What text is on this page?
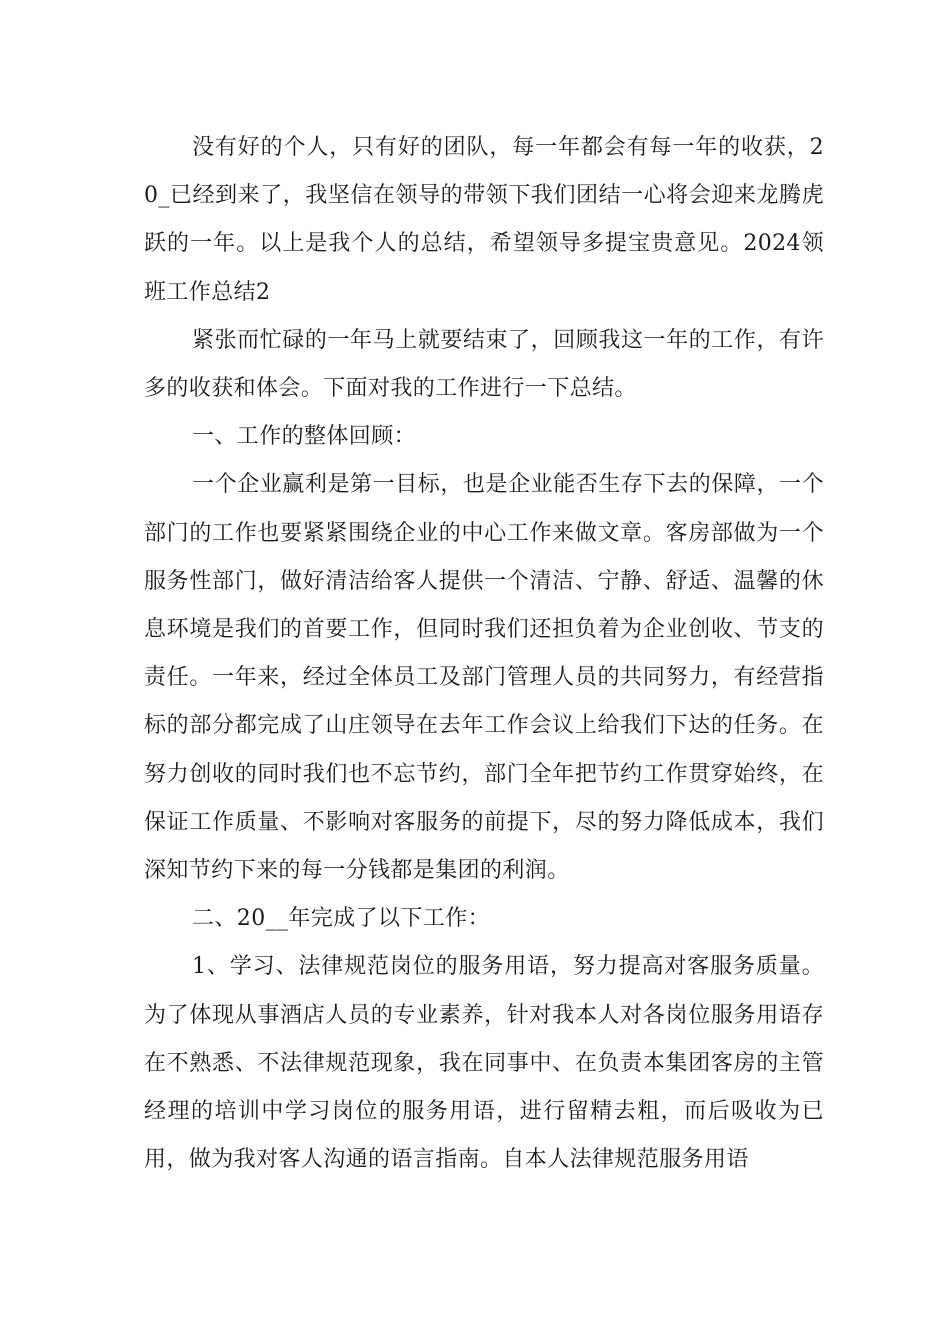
没有好的个人，只有好的团队，每一年都会有每一年的收获，20_已经到来了，我坚信在领导的带领下我们团结一心将会迎来龙腾虎跃的一年。以上是我个人的总结，希望领导多提宝贵意见。2024领班工作总结2

紧张而忙碌的一年马上就要结束了，回顾我这一年的工作，有许多的收获和体会。下面对我的工作进行一下总结。

一、工作的整体回顾：

一个企业赢利是第一目标，也是企业能否生存下去的保障，一个部门的工作也要紧紧围绕企业的中心工作来做文章。客房部做为一个服务性部门，做好清洁给客人提供一个清洁、宁静、舒适、温馨的休息环境是我们的首要工作，但同时我们还担负着为企业创收、节支的责任。一年来，经过全体员工及部门管理人员的共同努力，有经营指标的部分都完成了山庄领导在去年工作会议上给我们下达的任务。在努力创收的同时我们也不忘节约，部门全年把节约工作贯穿始终，在保证工作质量、不影响对客服务的前提下，尽的努力降低成本，我们深知节约下来的每一分钱都是集团的利润。

二、20__年完成了以下工作：

1、学习、法律规范岗位的服务用语，努力提高对客服务质量。为了体现从事酒店人员的专业素养，针对我本人对各岗位服务用语存在不熟悉、不法律规范现象，我在同事中、在负责本集团客房的主管经理的培训中学习岗位的服务用语，进行留精去粗，而后吸收为已用，做为我对客人沟通的语言指南。自本人法律规范服务用语
